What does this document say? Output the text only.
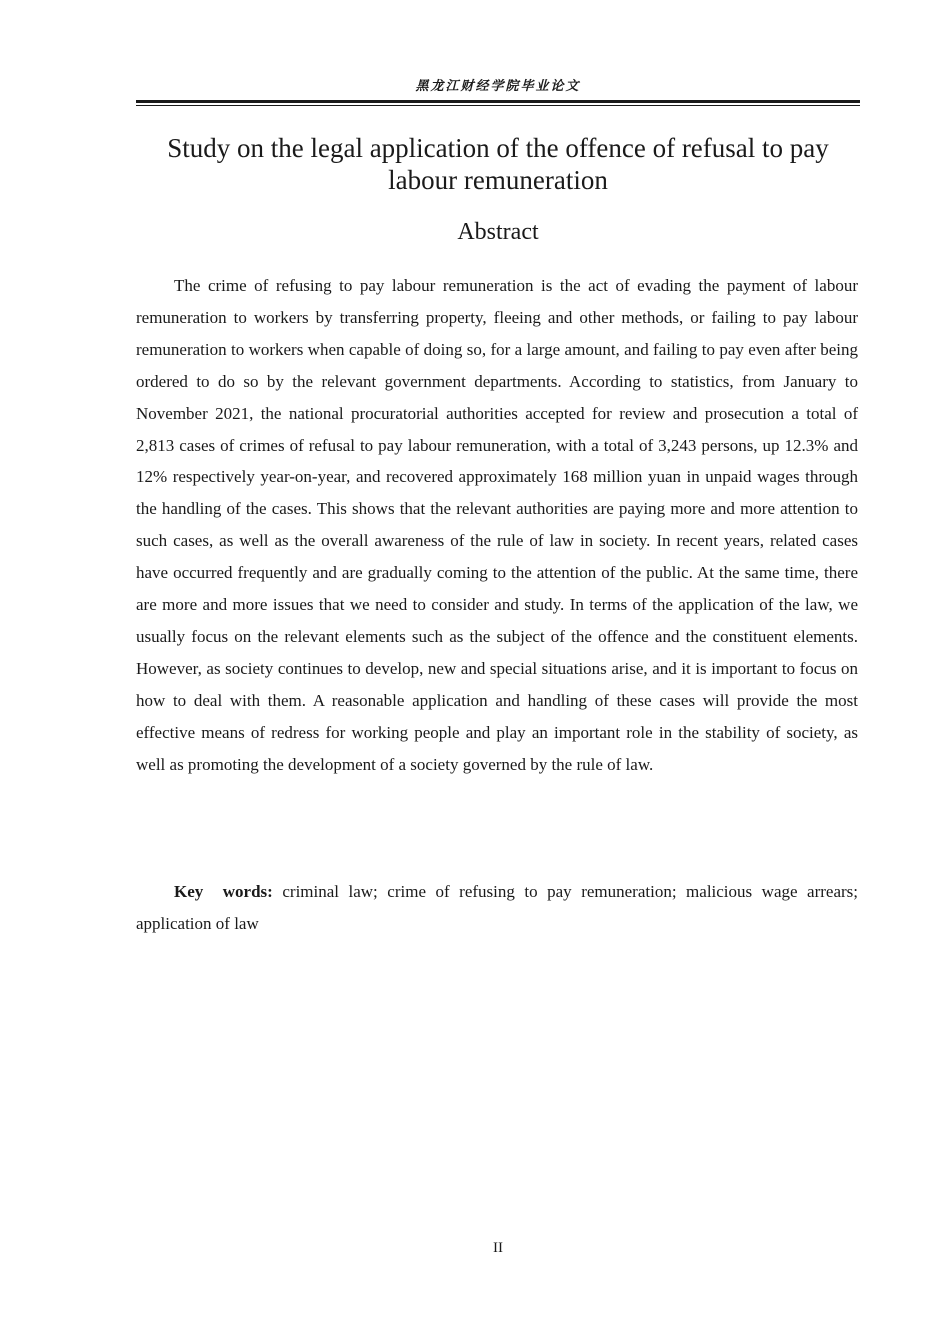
黑龙江财经学院毕业论文
Study on the legal application of the offence of refusal to pay labour remuneration
Abstract

The crime of refusing to pay labour remuneration is the act of evading the payment of labour remuneration to workers by transferring property, fleeing and other methods, or failing to pay labour remuneration to workers when capable of doing so, for a large amount, and failing to pay even after being ordered to do so by the relevant government departments. According to statistics, from January to November 2021, the national procuratorial authorities accepted for review and prosecution a total of 2,813 cases of crimes of refusal to pay labour remuneration, with a total of 3,243 persons, up 12.3% and 12% respectively year-on-year, and recovered approximately 168 million yuan in unpaid wages through the handling of the cases. This shows that the relevant authorities are paying more and more attention to such cases, as well as the overall awareness of the rule of law in society. In recent years, related cases have occurred frequently and are gradually coming to the attention of the public. At the same time, there are more and more issues that we need to consider and study. In terms of the application of the law, we usually focus on the relevant elements such as the subject of the offence and the constituent elements. However, as society continues to develop, new and special situations arise, and it is important to focus on how to deal with them. A reasonable application and handling of these cases will provide the most effective means of redress for working people and play an important role in the stability of society, as well as promoting the development of a society governed by the rule of law.

Key words: criminal law; crime of refusing to pay remuneration; malicious wage arrears; application of law

II
